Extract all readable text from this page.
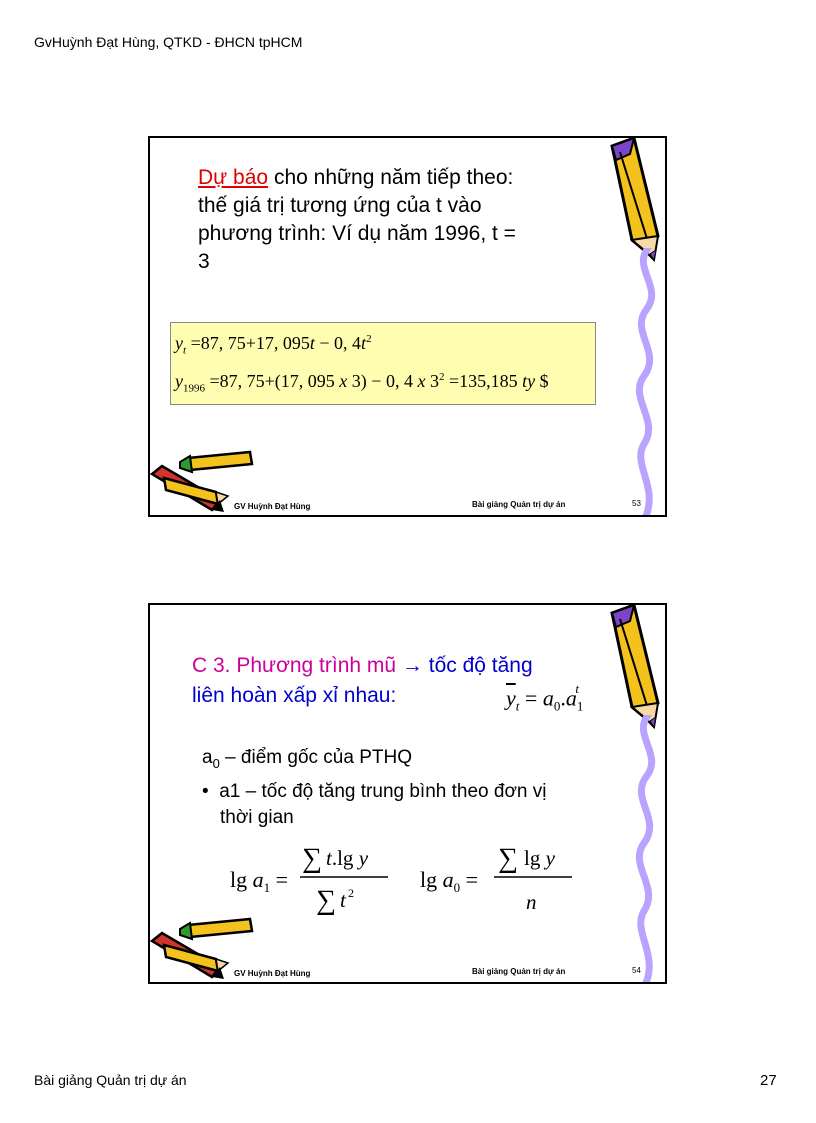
GvHuỳnh Đạt Hùng, QTKD - ĐHCN tpHCM
Dự báo cho những năm tiếp theo: thế giá trị tương ứng của t vào phương trình: Ví dụ năm 1996, t = 3
$y_t =87$, 75+17, 095t − 0, $4t^2$
$y_{1996} =87$, 75+(17, 095 x 3) − 0, 4 x $3^2 =135,185$ ty $
GV Huỳnh Đạt Hùng	Bài giảng Quản trị dự án	53
C 3. Phương trình mũ → tốc độ tăng
liên hoàn xấp xỉ nhau:	$\overline{y}_t = a_0.a_1^t$
$a_0$ – điểm gốc của PTHQ
•  a1 – tốc độ tăng trung bình theo đơn vị
thời gian
$\lg a_1$ =
∑ t.lg y
∑ t 2
$\lg a_0$ =
∑ lg y
n
GV Huỳnh Đạt Hùng	Bài giảng Quản trị dự án	54
Bài giảng Quản trị dự án	27
